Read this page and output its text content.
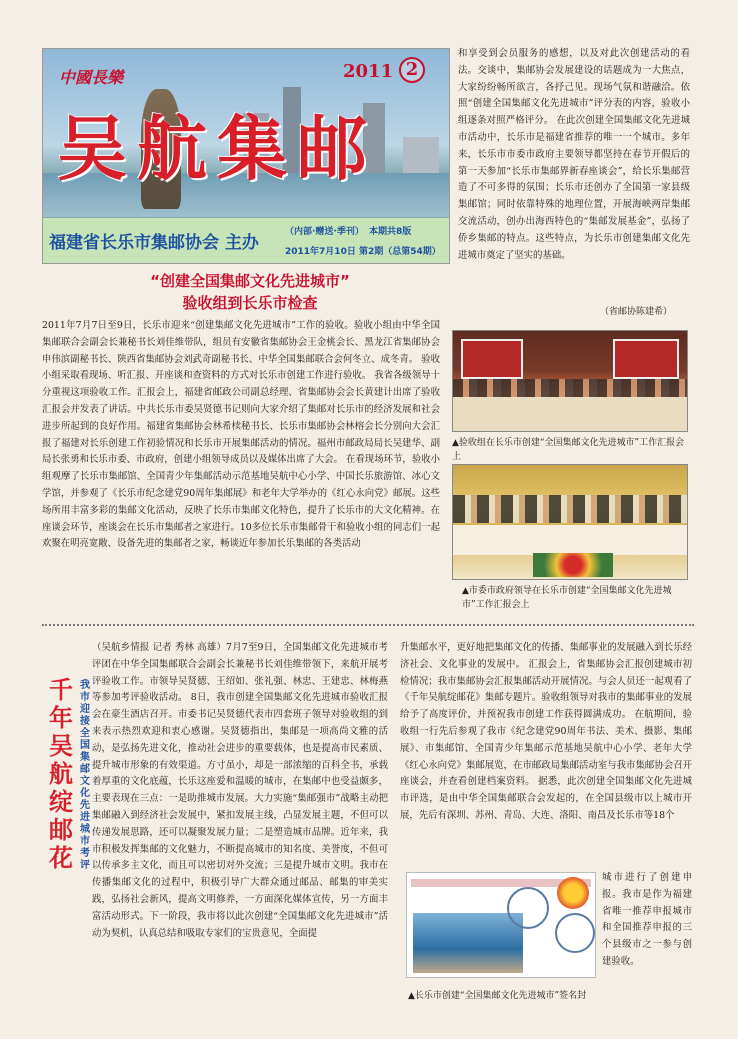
中國長樂	2011 2
吴航集邮
福建省长乐市集邮协会 主办
（内部·赠送·季刊） 本期共8版
2011年7月10日 第2期（总第54期）
“创建全国集邮文化先进城市”
验收组到长乐市检查
2011年7月7日至9日，长乐市迎来“创建集邮文化先进城市”工作的验收。验收小组由中华全国集邮联合会副会长兼秘书长刘佳维带队，组员有安徽省集邮协会王金桃会长、黑龙江省集邮协会申伟滨副秘书长、陕西省集邮协会刘武奇副秘书长、中华全国集邮联合会何冬立、成冬青。 验收小组采取看现场、听汇报、开座谈和查资料的方式对长乐市创建工作进行验收。 我省各级领导十分重视这项验收工作。汇报会上，福建省邮政公司副总经理、省集邮协会会长黄建计出席了验收汇报会并发表了讲话。中共长乐市委吴贤德书记则向大家介绍了集邮对长乐市的经济发展和社会进步所起到的良好作用。福建省集邮协会林希椟秘书长、长乐市集邮协会林榕会长分别向大会汇报了福建对长乐创建工作初验情况和长乐市开展集邮活动的情况。福州市邮政局局长吴建华、副局长张勇和长乐市委、市政府，创建小组领导成员以及媒体出席了大会。 在看现场环节，验收小组观摩了长乐市集邮馆、全国青少年集邮活动示范基地吴航中心小学、中国长乐旅游馆、冰心文学馆，并参观了《长乐市纪念建党90周年集邮展》和老年大学举办的《红心永向党》邮展。这些场所用丰富多彩的集邮文化活动，反映了长乐市集邮文化特色，提升了长乐市的大文化精神。在座谈会环节，座谈会在长乐市集邮者之家进行。10多位长乐市集邮骨干和验收小组的同志们一起欢聚在明亮宽敞、设备先进的集邮者之家，畅谈近年参加长乐集邮的各类活动
和享受到会员服务的感想，以及对此次创建活动的看法。交谈中，集邮协会发展建设的话题成为一大焦点，大家纷纷畅所欲言，各抒己见。现场气氛和谐融洽。依照“创建全国集邮文化先进城市”评分表的内容，验收小组逐条对照严格评分。 在此次创建全国集邮文化先进城市活动中，长乐市是福建省推荐的唯一一个城市。多年来，长乐市市委市政府主要领导都坚持在春节开假后的第一天参加“长乐市集邮界新春座谈会”，给长乐集邮营造了不可多得的氛围；长乐市还创办了全国第一家县级集邮馆；同时依靠特殊的地理位置，开展海峡两岸集邮交流活动，创办出海西特色的“集邮发展基金”，弘扬了侨乡集邮的特点。这些特点，为长乐市创建集邮文化先进城市奠定了坚实的基础。
（省邮协陈建希）
▲验收组在长乐市创建“全国集邮文化先进城市”工作汇报会上
▲市委市政府领导在长乐市创建“全国集邮文化先进城市”工作汇报会上
千年吴航绽邮花
我市迎接全国集邮文化先进城市考评
（吴航乡情报 记者 秀林 高雄）7月7至9日，全国集邮文化先进城市考评团在中华全国集邮联合会副会长兼秘书长刘佳维带领下，来航开展考评验收工作。市领导吴贤德、王绍如、张礼强、林忠、王建忠、林梅燕等参加考评验收活动。 8日，我市创建全国集邮文化先进城市验收汇报会在豪生酒店召开。市委书记吴贤德代表市四套班子领导对验收组的到来表示热烈欢迎和衷心感谢。吴贤德指出，集邮是一项高尚文雅的活动，是弘扬先进文化，推动社会进步的重要载体，也是提高市民素质、提升城市形象的有效渠道。方寸虽小，却是一部浓缩的百科全书，承载着厚重的文化底蕴，长乐这座爱和温暖的城市，在集邮中也受益颇多，主要表现在三点：一是助推城市发展。大力实施“集邮强市”战略主动把集邮融入到经济社会发展中，紧扣发展主线，凸显发展主题，不但可以传递发展思路，还可以凝聚发展力量；二是塑造城市品牌。近年来，我市积极发挥集邮的文化魅力，不断提高城市的知名度、美誉度，不但可以传承多主文化，而且可以密切对外交流；三是提升城市文明。我市在传播集邮文化的过程中，积极引导广大群众通过邮品、邮集的审美实践，弘扬社会新风，提高文明修养，一方面深化媒体宣传，另一方面丰富活动形式。下一阶段，我市将以此次创建“全国集邮文化先进城市”活动为契机，认真总结和吸取专家们的宝贵意见，全面提
升集邮水平，更好地把集邮文化的传播、集邮事业的发展融入到长乐经济社会、文化事业的发展中。 汇报会上，省集邮协会汇报创建城市初检情况；我市集邮协会汇报集邮活动开展情况。与会人员还一起观看了《千年吴航绽邮花》集邮专题片。验收组领导对我市的集邮事业的发展给予了高度评价，并预祝我市创建工作获得圆满成功。 在航期间，验收组一行先后参观了我市《纪念建党90周年书法、美术、摄影、集邮展》、市集邮馆、全国青少年集邮示范基地吴航中心小学、老年大学《红心永向党》集邮展览，在市邮政局集邮活动室与我市集邮协会召开座谈会，并查看创建档案资料。 据悉，此次创建全国集邮文化先进城市评选，是由中华全国集邮联合会发起的，在全国县级市以上城市开展，先后有深圳、苏州、青岛、大连、洛阳、南昌及长乐市等18个
城市进行了创建申报。我市是作为福建省唯一推荐申报城市和全国推荐申报的三个县级市之一参与创建验收。
▲长乐市创建“全国集邮文化先进城市”签名封
